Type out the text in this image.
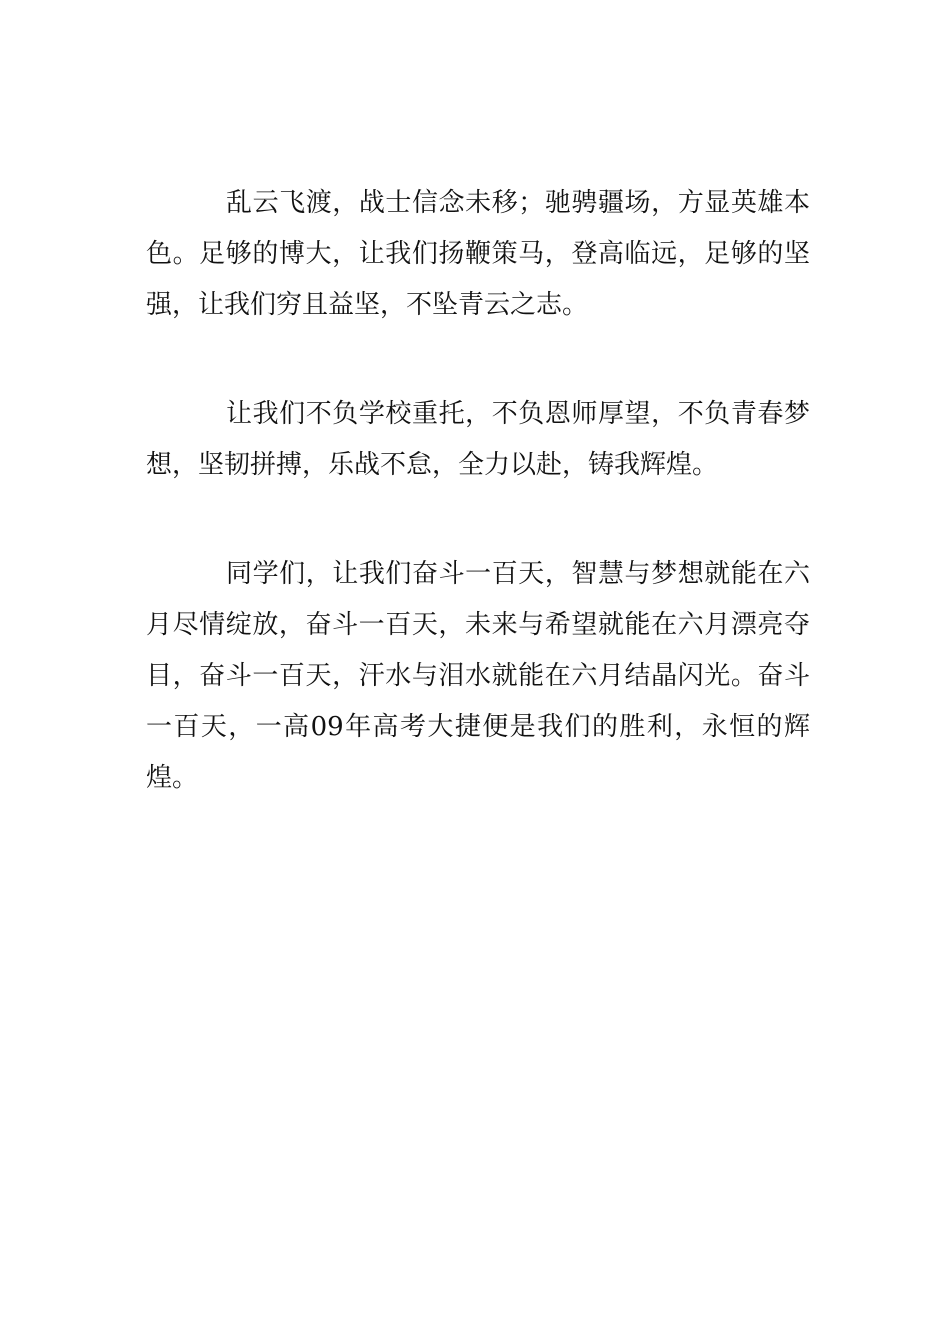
乱云飞渡，战士信念未移；驰骋疆场，方显英雄本色。足够的博大，让我们扬鞭策马，登高临远，足够的坚强，让我们穷且益坚，不坠青云之志。

让我们不负学校重托，不负恩师厚望，不负青春梦想，坚韧拼搏，乐战不怠，全力以赴，铸我辉煌。

同学们，让我们奋斗一百天，智慧与梦想就能在六月尽情绽放，奋斗一百天，未来与希望就能在六月漂亮夺目，奋斗一百天，汗水与泪水就能在六月结晶闪光。奋斗一百天，一高09年高考大捷便是我们的胜利，永恒的辉煌。
